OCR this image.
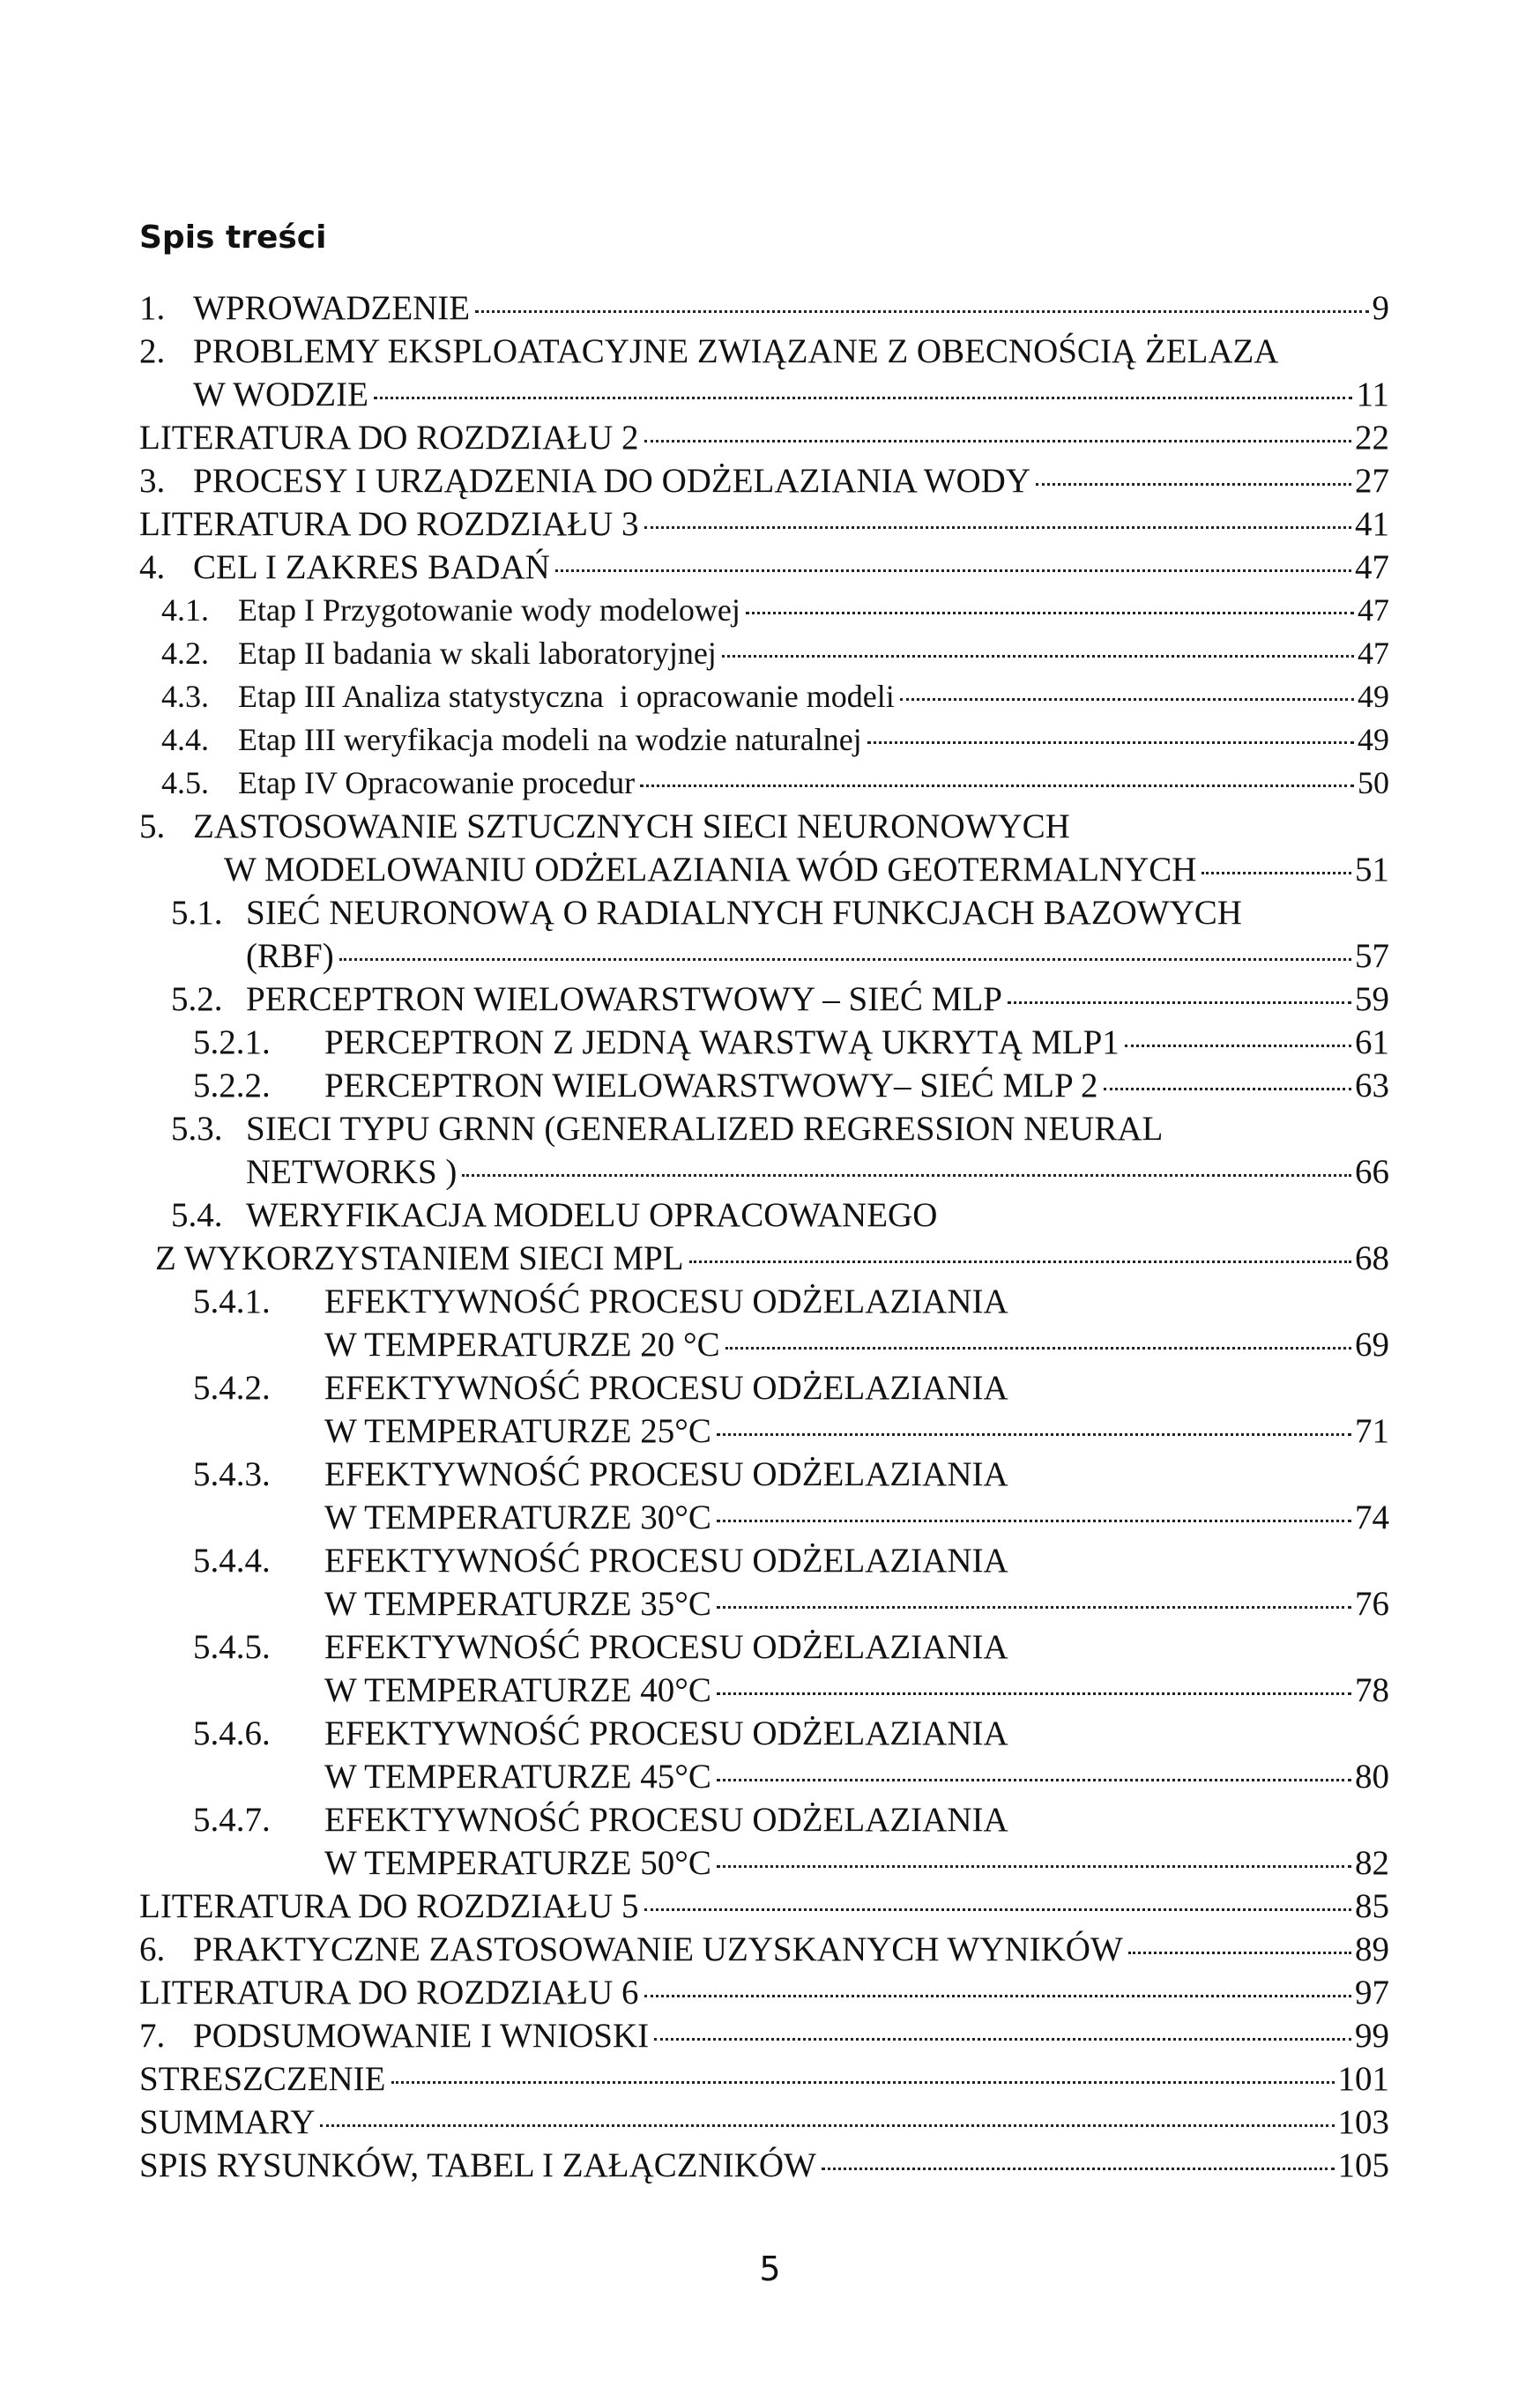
Spis treści
1. WPROWADZENIE	9
2. PROBLEMY EKSPLOATACYJNE ZWIĄZANE Z OBECNOŚCIĄ ŻELAZA
W WODZIE	11
LITERATURA DO ROZDZIAŁU 2	22
3. PROCESY I URZĄDZENIA DO ODŻELAZIANIA WODY	27
LITERATURA DO ROZDZIAŁU 3	41
4. CEL I ZAKRES BADAŃ	47
4.1. Etap I Przygotowanie wody modelowej	47
4.2. Etap II badania w skali laboratoryjnej	47
4.3. Etap III Analiza statystyczna  i opracowanie modeli	49
4.4. Etap III weryfikacja modeli na wodzie naturalnej	49
4.5. Etap IV Opracowanie procedur	50
5. ZASTOSOWANIE SZTUCZNYCH SIECI NEURONOWYCH
W MODELOWANIU ODŻELAZIANIA WÓD GEOTERMALNYCH	51
5.1. SIEĆ NEURONOWĄ O RADIALNYCH FUNKCJACH BAZOWYCH
(RBF)	57
5.2. PERCEPTRON WIELOWARSTWOWY – SIEĆ MLP	59
5.2.1.	PERCEPTRON Z JEDNĄ WARSTWĄ UKRYTĄ MLP1	61
5.2.2.	PERCEPTRON WIELOWARSTWOWY– SIEĆ MLP 2	63
5.3. SIECI TYPU GRNN (GENERALIZED REGRESSION NEURAL
NETWORKS )	66
5.4. WERYFIKACJA MODELU OPRACOWANEGO
Z WYKORZYSTANIEM SIECI MPL	68
5.4.1.	EFEKTYWNOŚĆ PROCESU ODŻELAZIANIA
W TEMPERATURZE 20 °C	69
5.4.2.	EFEKTYWNOŚĆ PROCESU ODŻELAZIANIA
W TEMPERATURZE 25°C	71
5.4.3.	EFEKTYWNOŚĆ PROCESU ODŻELAZIANIA
W TEMPERATURZE 30°C	74
5.4.4.	EFEKTYWNOŚĆ PROCESU ODŻELAZIANIA
W TEMPERATURZE 35°C	76
5.4.5.	EFEKTYWNOŚĆ PROCESU ODŻELAZIANIA
W TEMPERATURZE 40°C	78
5.4.6.	EFEKTYWNOŚĆ PROCESU ODŻELAZIANIA
W TEMPERATURZE 45°C	80
5.4.7.	EFEKTYWNOŚĆ PROCESU ODŻELAZIANIA
W TEMPERATURZE 50°C	82
LITERATURA DO ROZDZIAŁU 5	85
6. PRAKTYCZNE ZASTOSOWANIE UZYSKANYCH WYNIKÓW	89
LITERATURA DO ROZDZIAŁU 6	97
7. PODSUMOWANIE I WNIOSKI	99
STRESZCZENIE	101
SUMMARY	103
SPIS RYSUNKÓW, TABEL I ZAŁĄCZNIKÓW	105
5
